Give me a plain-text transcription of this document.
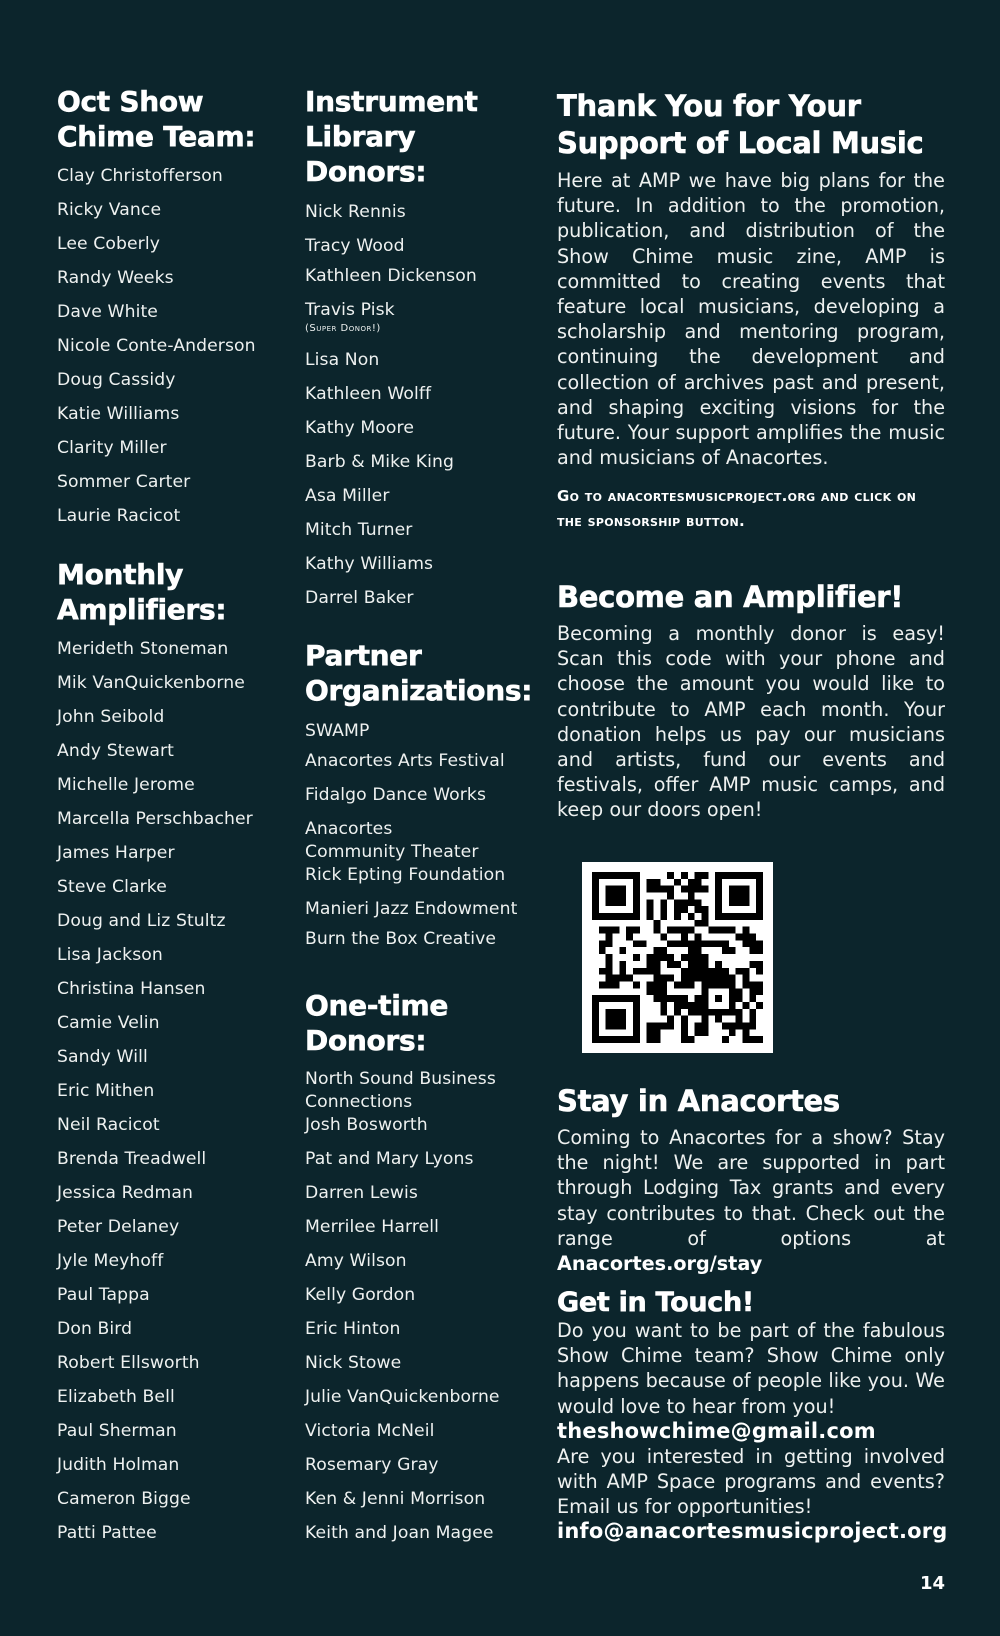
Oct Show Chime Team:
Clay Christofferson
Ricky Vance
Lee Coberly
Randy Weeks
Dave White
Nicole Conte-Anderson
Doug Cassidy
Katie Williams
Clarity Miller
Sommer Carter
Laurie Racicot
Monthly Amplifiers:
Merideth Stoneman
Mik VanQuickenborne
John Seibold
Andy Stewart
Michelle Jerome
Marcella Perschbacher
James Harper
Steve Clarke
Doug and Liz Stultz
Lisa Jackson
Christina Hansen
Camie Velin
Sandy Will
Eric Mithen
Neil Racicot
Brenda Treadwell
Jessica Redman
Peter Delaney
Jyle Meyhoff
Paul Tappa
Don Bird
Robert Ellsworth
Elizabeth Bell
Paul Sherman
Judith Holman
Cameron Bigge
Patti Pattee
Instrument Library Donors:
Nick Rennis
Tracy Wood
Kathleen Dickenson
Travis Pisk
(Super Donor!)
Lisa Non
Kathleen Wolff
Kathy Moore
Barb & Mike King
Asa Miller
Mitch Turner
Kathy Williams
Darrel Baker
Partner Organizations:
SWAMP
Anacortes Arts Festival
Fidalgo Dance Works
Anacortes Community Theater
Rick Epting Foundation
Manieri Jazz Endowment
Burn the Box Creative
One-time Donors:
North Sound Business Connections
Josh Bosworth
Pat and Mary Lyons
Darren Lewis
Merrilee Harrell
Amy Wilson
Kelly Gordon
Eric Hinton
Nick Stowe
Julie VanQuickenborne
Victoria McNeil
Rosemary Gray
Ken & Jenni Morrison
Keith and Joan Magee
Thank You for Your Support of Local Music

Here at AMP we have big plans for the future. In addition to the promotion, publication, and distribution of the Show Chime music zine, AMP is committed to creating events that feature local musicians, developing a scholarship and mentoring program, continuing the development and collection of archives past and present, and shaping exciting visions for the future. Your support amplifies the music and musicians of Anacortes.

Go to anacortesmusicproject.org and click on the sponsorship button.

Become an Amplifier!

Becoming a monthly donor is easy! Scan this code with your phone and choose the amount you would like to contribute to AMP each month. Your donation helps us pay our musicians and artists, fund our events and festivals, offer AMP music camps, and keep our doors open!

Stay in Anacortes

Coming to Anacortes for a show? Stay the night! We are supported in part through Lodging Tax grants and every stay contributes to that. Check out the range of options at Anacortes.org/stay

Get in Touch!

Do you want to be part of the fabulous Show Chime team? Show Chime only happens because of people like you. We would love to hear from you!

theshowchime@gmail.com

Are you interested in getting involved with AMP Space programs and events? Email us for opportunities!

info@anacortesmusicproject.org
14
